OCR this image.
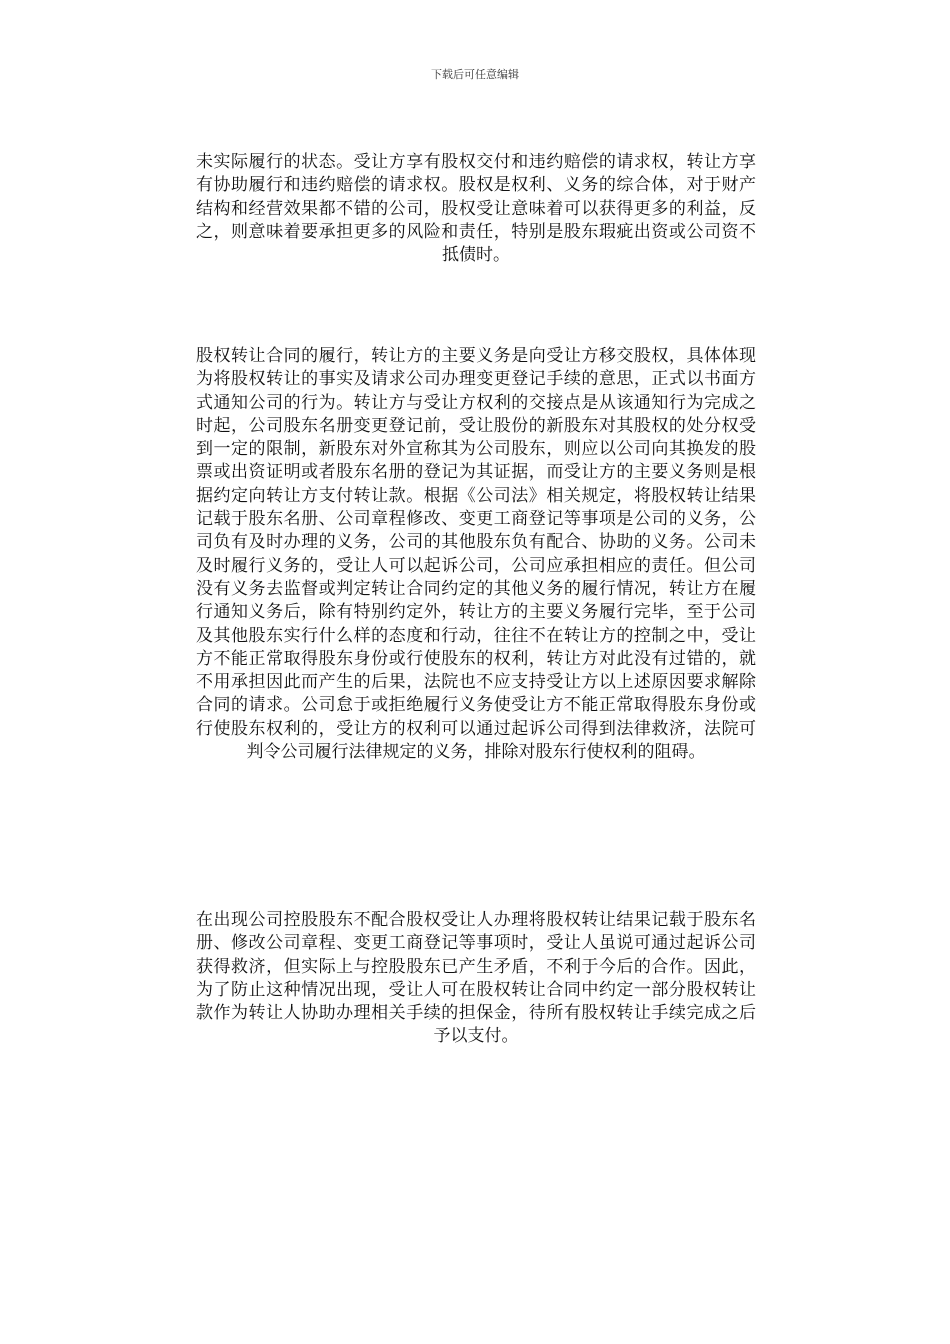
下载后可任意编辑
未实际履行的状态。受让方享有股权交付和违约赔偿的请求权，转让方享有协助履行和违约赔偿的请求权。股权是权利、义务的综合体，对于财产结构和经营效果都不错的公司，股权受让意味着可以获得更多的利益，反之，则意味着要承担更多的风险和责任，特别是股东瑕疵出资或公司资不抵债时。
股权转让合同的履行，转让方的主要义务是向受让方移交股权，具体体现为将股权转让的事实及请求公司办理变更登记手续的意思，正式以书面方式通知公司的行为。转让方与受让方权利的交接点是从该通知行为完成之时起，公司股东名册变更登记前，受让股份的新股东对其股权的处分权受到一定的限制，新股东对外宣称其为公司股东，则应以公司向其换发的股票或出资证明或者股东名册的登记为其证据，而受让方的主要义务则是根据约定向转让方支付转让款。根据《公司法》相关规定，将股权转让结果记载于股东名册、公司章程修改、变更工商登记等事项是公司的义务，公司负有及时办理的义务，公司的其他股东负有配合、协助的义务。公司未及时履行义务的，受让人可以起诉公司，公司应承担相应的责任。但公司没有义务去监督或判定转让合同约定的其他义务的履行情况，转让方在履行通知义务后，除有特别约定外，转让方的主要义务履行完毕，至于公司及其他股东实行什么样的态度和行动，往往不在转让方的控制之中，受让方不能正常取得股东身份或行使股东的权利，转让方对此没有过错的，就不用承担因此而产生的后果，法院也不应支持受让方以上述原因要求解除合同的请求。公司怠于或拒绝履行义务使受让方不能正常取得股东身份或行使股东权利的，受让方的权利可以通过起诉公司得到法律救济，法院可判令公司履行法律规定的义务，排除对股东行使权利的阻碍。
在出现公司控股股东不配合股权受让人办理将股权转让结果记载于股东名册、修改公司章程、变更工商登记等事项时，受让人虽说可通过起诉公司获得救济，但实际上与控股股东已产生矛盾，不利于今后的合作。因此，为了防止这种情况出现，受让人可在股权转让合同中约定一部分股权转让款作为转让人协助办理相关手续的担保金，待所有股权转让手续完成之后予以支付。
